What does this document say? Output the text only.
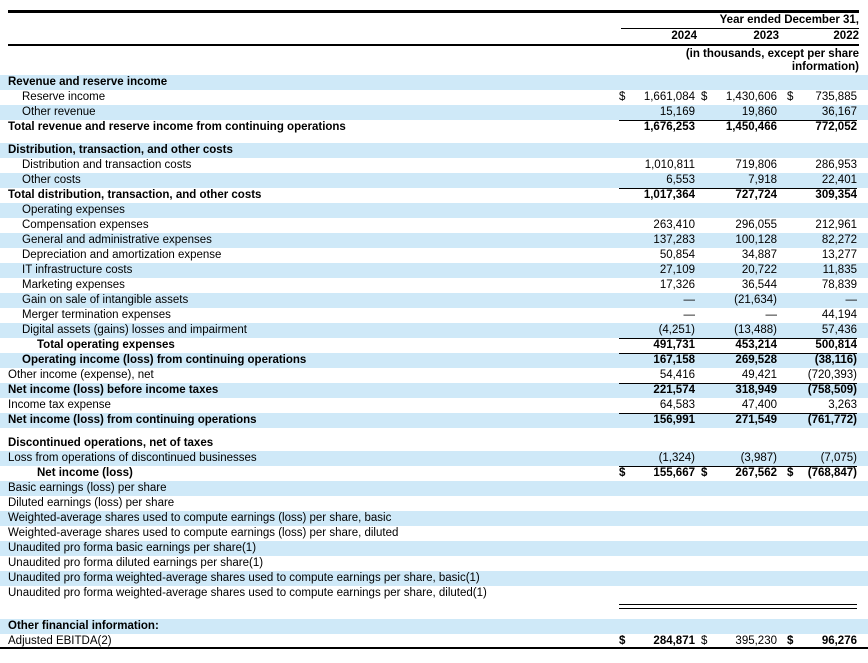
Year ended December 31,
2024	2023	2022
(in thousands, except per share information)
Revenue and reserve income
Reserve income	$ 1,661,084 $ 1,430,606 $ 735,885
Other revenue	15,169	19,860	36,167
Total revenue and reserve income from continuing operations	1,676,253	1,450,466	772,052
Distribution, transaction, and other costs
Distribution and transaction costs	1,010,811	719,806	286,953
Other costs	6,553	7,918	22,401
Total distribution, transaction, and other costs	1,017,364	727,724	309,354
Operating expenses
Compensation expenses	263,410	296,055	212,961
General and administrative expenses	137,283	100,128	82,272
Depreciation and amortization expense	50,854	34,887	13,277
IT infrastructure costs	27,109	20,722	11,835
Marketing expenses	17,326	36,544	78,839
Gain on sale of intangible assets	—	(21,634)	—
Merger termination expenses	—	—	44,194
Digital assets (gains) losses and impairment	(4,251)	(13,488)	57,436
Total operating expenses	491,731	453,214	500,814
Operating income (loss) from continuing operations	167,158	269,528	(38,116)
Other income (expense), net	54,416	49,421	(720,393)
Net income (loss) before income taxes	221,574	318,949	(758,509)
Income tax expense	64,583	47,400	3,263
Net income (loss) from continuing operations	156,991	271,549	(761,772)
Discontinued operations, net of taxes
Loss from operations of discontinued businesses	(1,324)	(3,987)	(7,075)
Net income (loss)	$ 155,667 $ 267,562 $ (768,847)
Basic earnings (loss) per share
Diluted earnings (loss) per share
Weighted-average shares used to compute earnings (loss) per share, basic
Weighted-average shares used to compute earnings (loss) per share, diluted
Unaudited pro forma basic earnings per share(1)
Unaudited pro forma diluted earnings per share(1)
Unaudited pro forma weighted-average shares used to compute earnings per share, basic(1)
Unaudited pro forma weighted-average shares used to compute earnings per share, diluted(1)
Other financial information:
Adjusted EBITDA(2)	$ 284,871 $ 395,230 $ 96,276
